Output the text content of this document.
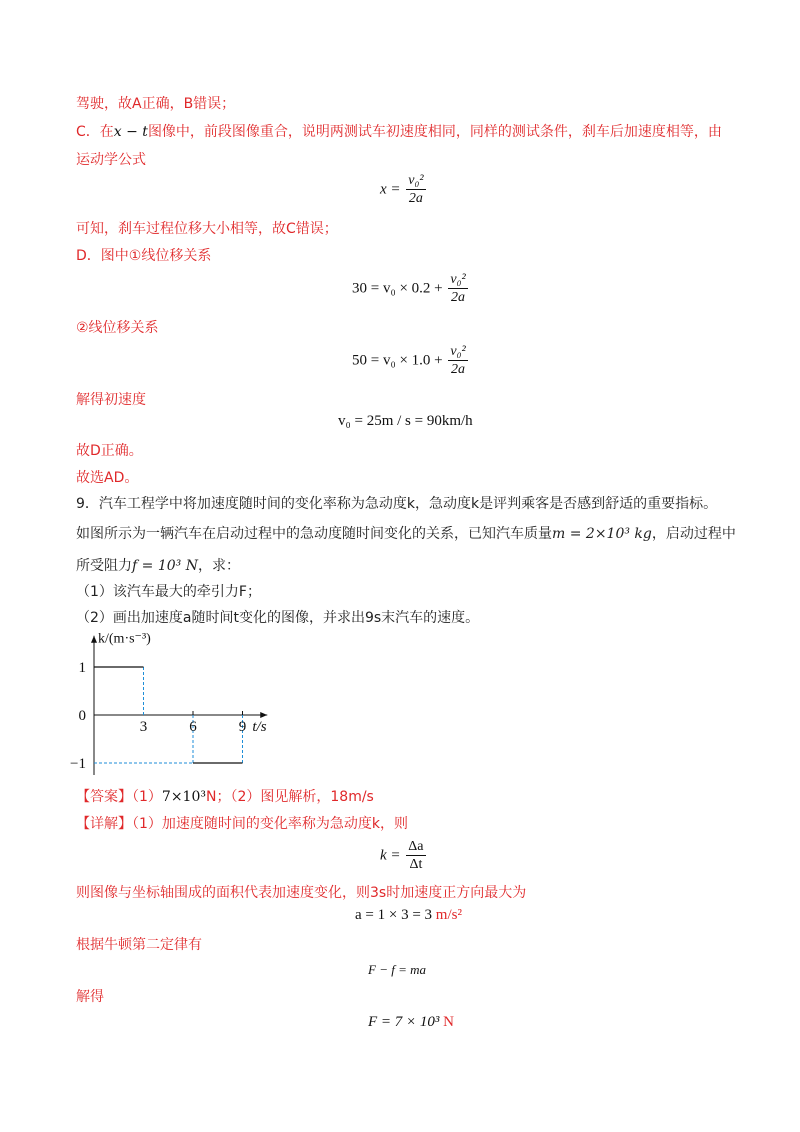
驾驶，故A正确，B错误；
C．在x − t图像中，前段图像重合，说明两测试车初速度相同，同样的测试条件，刹车后加速度相等，由
运动学公式
$x = \frac{\text{v₀²}}{2a}$
可知，刹车过程位移大小相等，故C错误；
D．图中①线位移关系
$30 = v_0 \times 0.2 + \frac{\text{v₀²}}{2a}$
②线位移关系
$50 = v_0 \times 1.0 + \frac{\text{v₀²}}{2a}$
解得初速度
v₀ = 25m / s = 90km/h
故D正确。
故选AD。
9．汽车工程学中将加速度随时间的变化率称为急动度k，急动度k是评判乘客是否感到舒适的重要指标。
如图所示为一辆汽车在启动过程中的急动度随时间变化的关系，已知汽车质量m = 2×10³ kg，启动过程中
所受阻力f = 10³ N，求：
（1）该汽车最大的牵引力F；
（2）画出加速度a随时间t变化的图像，并求出9s末汽车的速度。
3	6	9
1
0
−1
k/(m·s⁻³)
t/s
【答案】（1）7×10³N；（2）图见解析，18m/s
【详解】（1）加速度随时间的变化率称为急动度k，则
$k = \frac{\Delta a}{\Delta t}$
则图像与坐标轴围成的面积代表加速度变化，则3s时加速度正方向最大为
a = 1 × 3 = 3 m/s²
根据牛顿第二定律有
F − f = ma
解得
F = 7 × 10³ N
